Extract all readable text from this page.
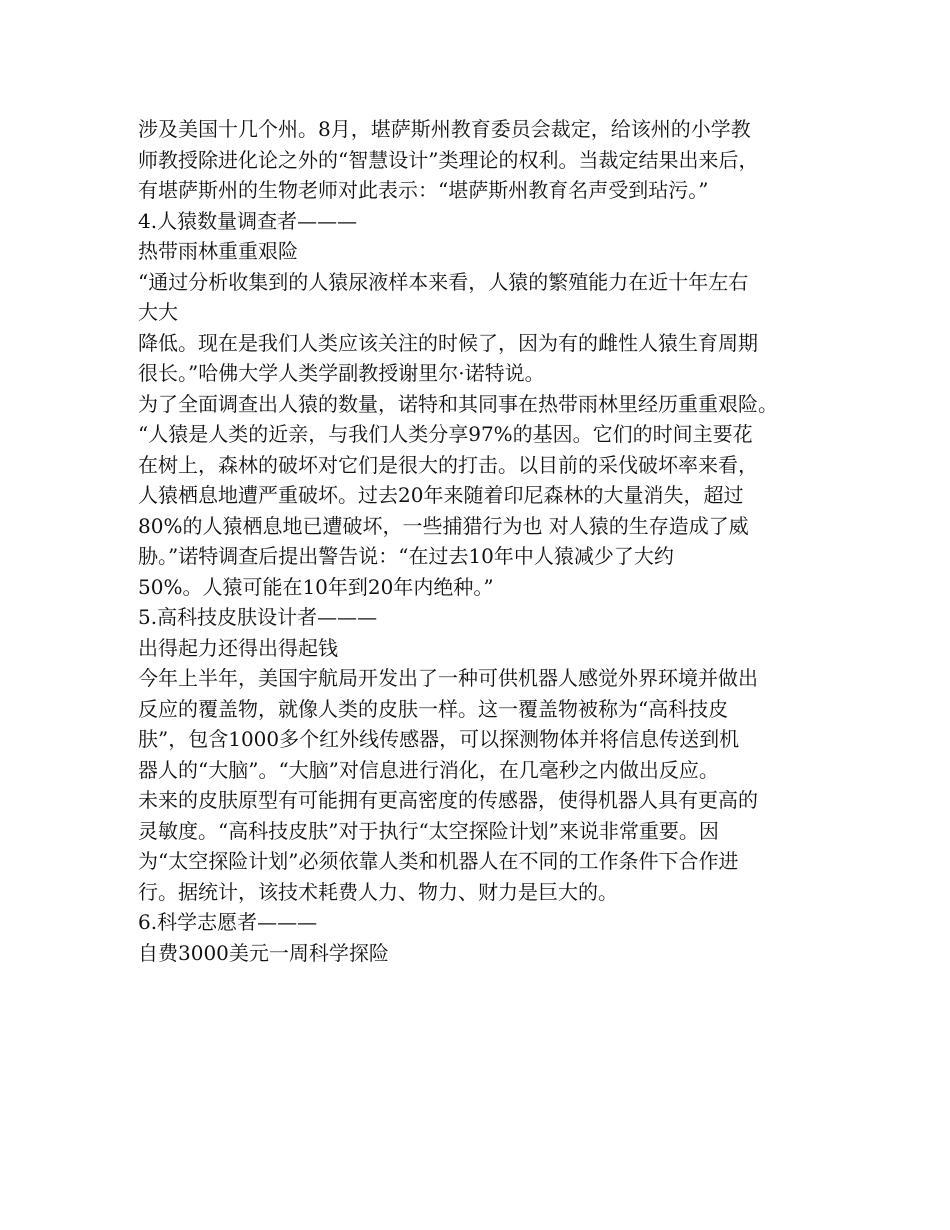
涉及美国十几个州。8月，堪萨斯州教育委员会裁定，给该州的小学教
师教授除进化论之外的“智慧设计”类理论的权利。当裁定结果出来后，
有堪萨斯州的生物老师对此表示：“堪萨斯州教育名声受到玷污。”
4.人猿数量调查者———
热带雨林重重艰险
“通过分析收集到的人猿尿液样本来看，人猿的繁殖能力在近十年左右
大大
降低。现在是我们人类应该关注的时候了，因为有的雌性人猿生育周期
很长。”哈佛大学人类学副教授谢里尔·诺特说。
为了全面调查出人猿的数量，诺特和其同事在热带雨林里经历重重艰险。
“人猿是人类的近亲，与我们人类分享97%的基因。它们的时间主要花
在树上，森林的破坏对它们是很大的打击。以目前的采伐破坏率来看，
人猿栖息地遭严重破坏。过去20年来随着印尼森林的大量消失，超过
80%的人猿栖息地已遭破坏，一些捕猎行为也 对人猿的生存造成了威
胁。”诺特调查后提出警告说：“在过去10年中人猿减少了大约
50%。人猿可能在10年到20年内绝种。”
5.高科技皮肤设计者———
出得起力还得出得起钱
今年上半年，美国宇航局开发出了一种可供机器人感觉外界环境并做出
反应的覆盖物，就像人类的皮肤一样。这一覆盖物被称为“高科技皮
肤”，包含1000多个红外线传感器，可以探测物体并将信息传送到机
器人的“大脑”。“大脑”对信息进行消化，在几毫秒之内做出反应。
未来的皮肤原型有可能拥有更高密度的传感器，使得机器人具有更高的
灵敏度。“高科技皮肤”对于执行“太空探险计划”来说非常重要。因
为“太空探险计划”必须依靠人类和机器人在不同的工作条件下合作进
行。据统计，该技术耗费人力、物力、财力是巨大的。
6.科学志愿者———
自费3000美元一周科学探险
